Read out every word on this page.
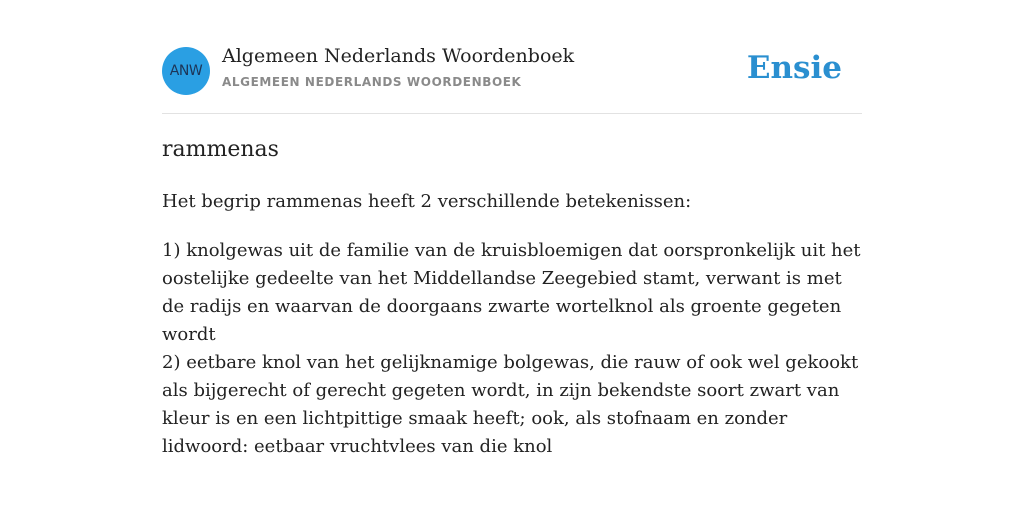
ANW
Algemeen Nederlands Woordenboek
ALGEMEEN NEDERLANDS WOORDENBOEK	Ensie
rammenas
Het begrip rammenas heeft 2 verschillende betekenissen:

1) knolgewas uit de familie van de kruisbloemigen dat oorspronkelijk uit het oostelijke gedeelte van het Middellandse Zeegebied stamt, verwant is met de radijs en waarvan de doorgaans zwarte wortelknol als groente gegeten wordt

2) eetbare knol van het gelijknamige bolgewas, die rauw of ook wel gekookt als bijgerecht of gerecht gegeten wordt, in zijn bekendste soort zwart van kleur is en een lichtpittige smaak heeft; ook, als stofnaam en zonder lidwoord: eetbaar vruchtvlees van die knol
